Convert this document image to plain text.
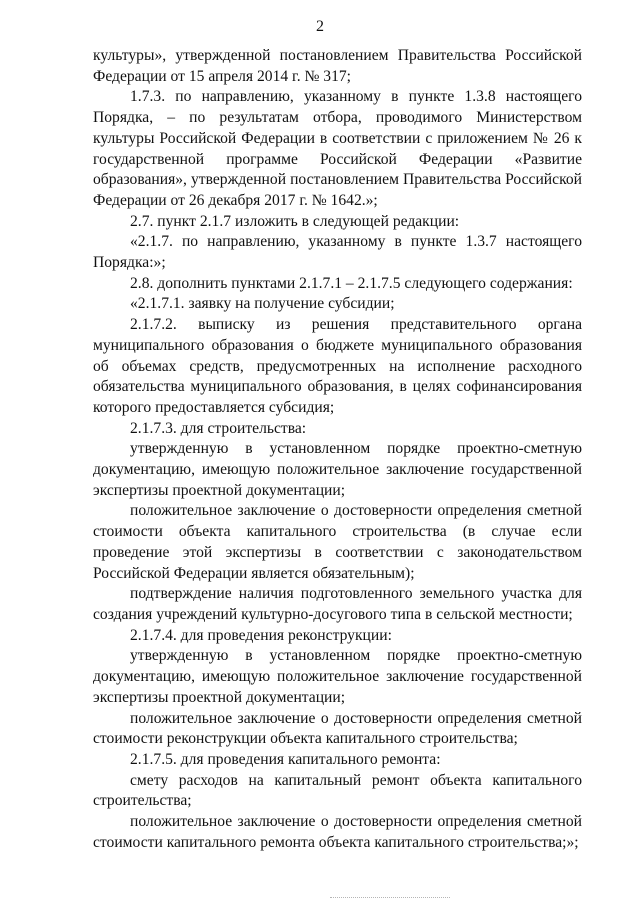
2

культуры», утвержденной постановлением Правительства Российской Федерации от 15 апреля 2014 г. № 317;

1.7.3. по направлению, указанному в пункте 1.3.8 настоящего Порядка, – по результатам отбора, проводимого Министерством культуры Российской Федерации в соответствии с приложением № 26 к государственной программе Российской Федерации «Развитие образования», утвержденной постановлением Правительства Российской Федерации от 26 декабря 2017 г. № 1642.»;

2.7. пункт 2.1.7 изложить в следующей редакции:

«2.1.7. по направлению, указанному в пункте 1.3.7 настоящего Порядка:»;

2.8. дополнить пунктами 2.1.7.1 – 2.1.7.5 следующего содержания:

«2.1.7.1. заявку на получение субсидии;

2.1.7.2. выписку из решения представительного органа муниципального образования о бюджете муниципального образования об объемах средств, предусмотренных на исполнение расходного обязательства муниципального образования, в целях софинансирования которого предоставляется субсидия;

2.1.7.3. для строительства:

утвержденную в установленном порядке проектно-сметную документацию, имеющую положительное заключение государственной экспертизы проектной документации;

положительное заключение о достоверности определения сметной стоимости объекта капитального строительства (в случае если проведение этой экспертизы в соответствии с законодательством Российской Федерации является обязательным);

подтверждение наличия подготовленного земельного участка для создания учреждений культурно-досугового типа в сельской местности;

2.1.7.4. для проведения реконструкции:

утвержденную в установленном порядке проектно-сметную документацию, имеющую положительное заключение государственной экспертизы проектной документации;

положительное заключение о достоверности определения сметной стоимости реконструкции объекта капитального строительства;

2.1.7.5. для проведения капитального ремонта:

смету расходов на капитальный ремонт объекта капитального строительства;

положительное заключение о достоверности определения сметной стоимости капитального ремонта объекта капитального строительства;»;
